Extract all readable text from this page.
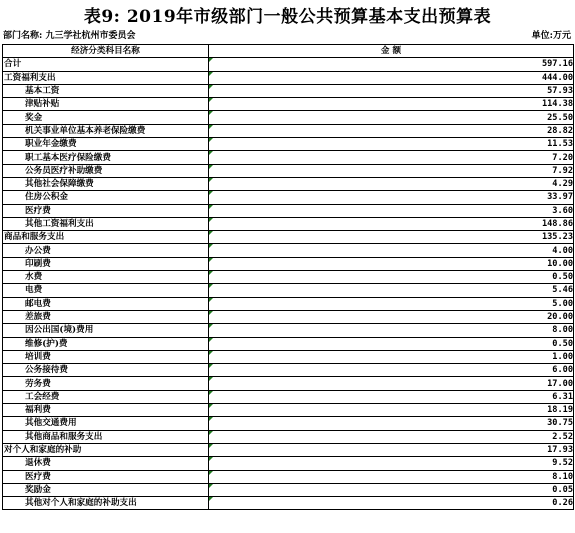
表9: 2019年市级部门一般公共预算基本支出预算表
部门名称: 九三学社杭州市委员会	单位:万元
经济分类科目名称	金 额
合计	597.16
工资福利支出	444.00
基本工资	57.93
津贴补贴	114.38
奖金	25.50
机关事业单位基本养老保险缴费	28.82
职业年金缴费	11.53
职工基本医疗保险缴费	7.20
公务员医疗补助缴费	7.92
其他社会保障缴费	4.29
住房公积金	33.97
医疗费	3.60
其他工资福利支出	148.86
商品和服务支出	135.23
办公费	4.00
印刷费	10.00
水费	0.50
电费	5.46
邮电费	5.00
差旅费	20.00
因公出国(境)费用	8.00
维修(护)费	0.50
培训费	1.00
公务接待费	6.00
劳务费	17.00
工会经费	6.31
福利费	18.19
其他交通费用	30.75
其他商品和服务支出	2.52
对个人和家庭的补助	17.93
退休费	9.52
医疗费	8.10
奖励金	0.05
其他对个人和家庭的补助支出	0.26
